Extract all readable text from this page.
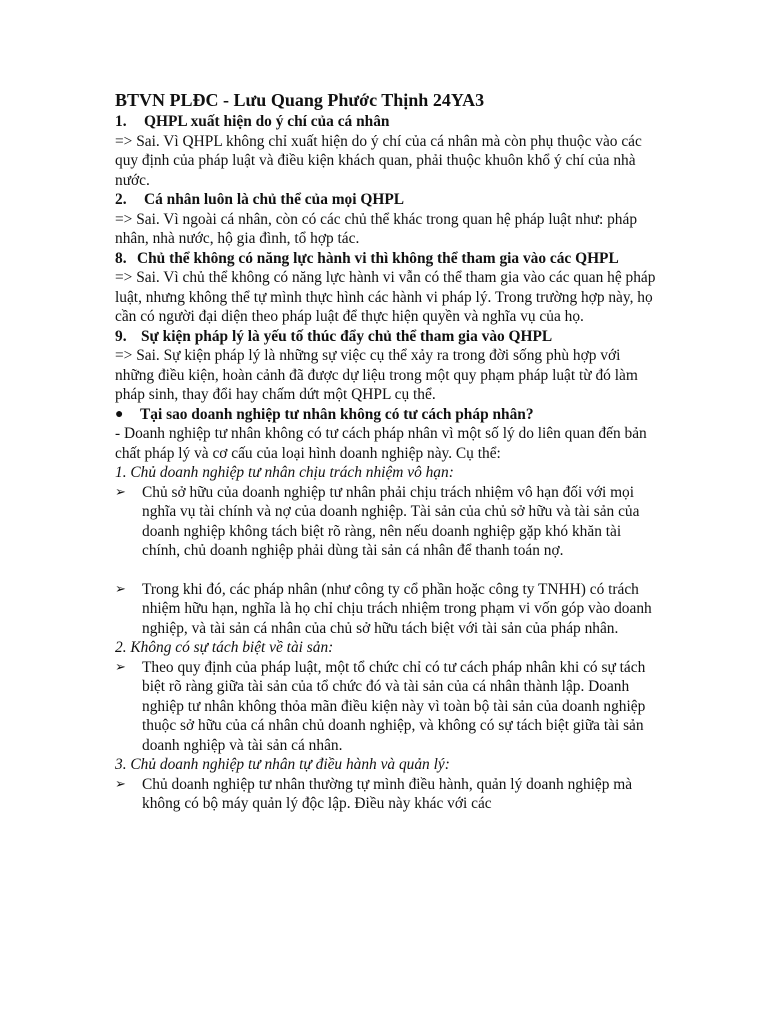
BTVN PLĐC - Lưu Quang Phước Thịnh 24YA3

1.	QHPL xuất hiện do ý chí của cá nhân

=> Sai. Vì QHPL không chỉ xuất hiện do ý chí của cá nhân mà còn phụ thuộc vào các quy định của pháp luật và điều kiện khách quan, phải thuộc khuôn khổ ý chí của nhà nước.

2.	Cá nhân luôn là chủ thể của mọi QHPL

=> Sai. Vì ngoài cá nhân, còn có các chủ thể khác trong quan hệ pháp luật như: pháp nhân, nhà nước, hộ gia đình, tổ hợp tác.

8. Chủ thể không có năng lực hành vi thì không thể tham gia vào các QHPL

=> Sai. Vì chủ thể không có năng lực hành vi vẫn có thể tham gia vào các quan hệ pháp luật, nhưng không thể tự mình thực hình các hành vi pháp lý. Trong trường hợp này, họ cần có người đại diện theo pháp luật để thực hiện quyền và nghĩa vụ của họ.

9. Sự kiện pháp lý là yếu tố thúc đẩy chủ thể tham gia vào QHPL

=> Sai. Sự kiện pháp lý là những sự việc cụ thể xảy ra trong đời sống phù hợp với những điều kiện, hoàn cảnh đã được dự liệu trong một quy phạm pháp luật từ đó làm pháp sinh, thay đổi hay chấm dứt một QHPL cụ thể.

●	Tại sao doanh nghiệp tư nhân không có tư cách pháp nhân?

- Doanh nghiệp tư nhân không có tư cách pháp nhân vì một số lý do liên quan đến bản chất pháp lý và cơ cấu của loại hình doanh nghiệp này. Cụ thể:

1. Chủ doanh nghiệp tư nhân chịu trách nhiệm vô hạn:

➢	Chủ sở hữu của doanh nghiệp tư nhân phải chịu trách nhiệm vô hạn đối với mọi nghĩa vụ tài chính và nợ của doanh nghiệp. Tài sản của chủ sở hữu và tài sản của doanh nghiệp không tách biệt rõ ràng, nên nếu doanh nghiệp gặp khó khăn tài chính, chủ doanh nghiệp phải dùng tài sản cá nhân để thanh toán nợ.
➢	Trong khi đó, các pháp nhân (như công ty cổ phần hoặc công ty TNHH) có trách nhiệm hữu hạn, nghĩa là họ chỉ chịu trách nhiệm trong phạm vi vốn góp vào doanh nghiệp, và tài sản cá nhân của chủ sở hữu tách biệt với tài sản của pháp nhân.

2. Không có sự tách biệt về tài sản:

➢	Theo quy định của pháp luật, một tổ chức chỉ có tư cách pháp nhân khi có sự tách biệt rõ ràng giữa tài sản của tổ chức đó và tài sản của cá nhân thành lập. Doanh nghiệp tư nhân không thỏa mãn điều kiện này vì toàn bộ tài sản của doanh nghiệp thuộc sở hữu của cá nhân chủ doanh nghiệp, và không có sự tách biệt giữa tài sản doanh nghiệp và tài sản cá nhân.

3. Chủ doanh nghiệp tư nhân tự điều hành và quản lý:

➢	Chủ doanh nghiệp tư nhân thường tự mình điều hành, quản lý doanh nghiệp mà không có bộ máy quản lý độc lập. Điều này khác với các
